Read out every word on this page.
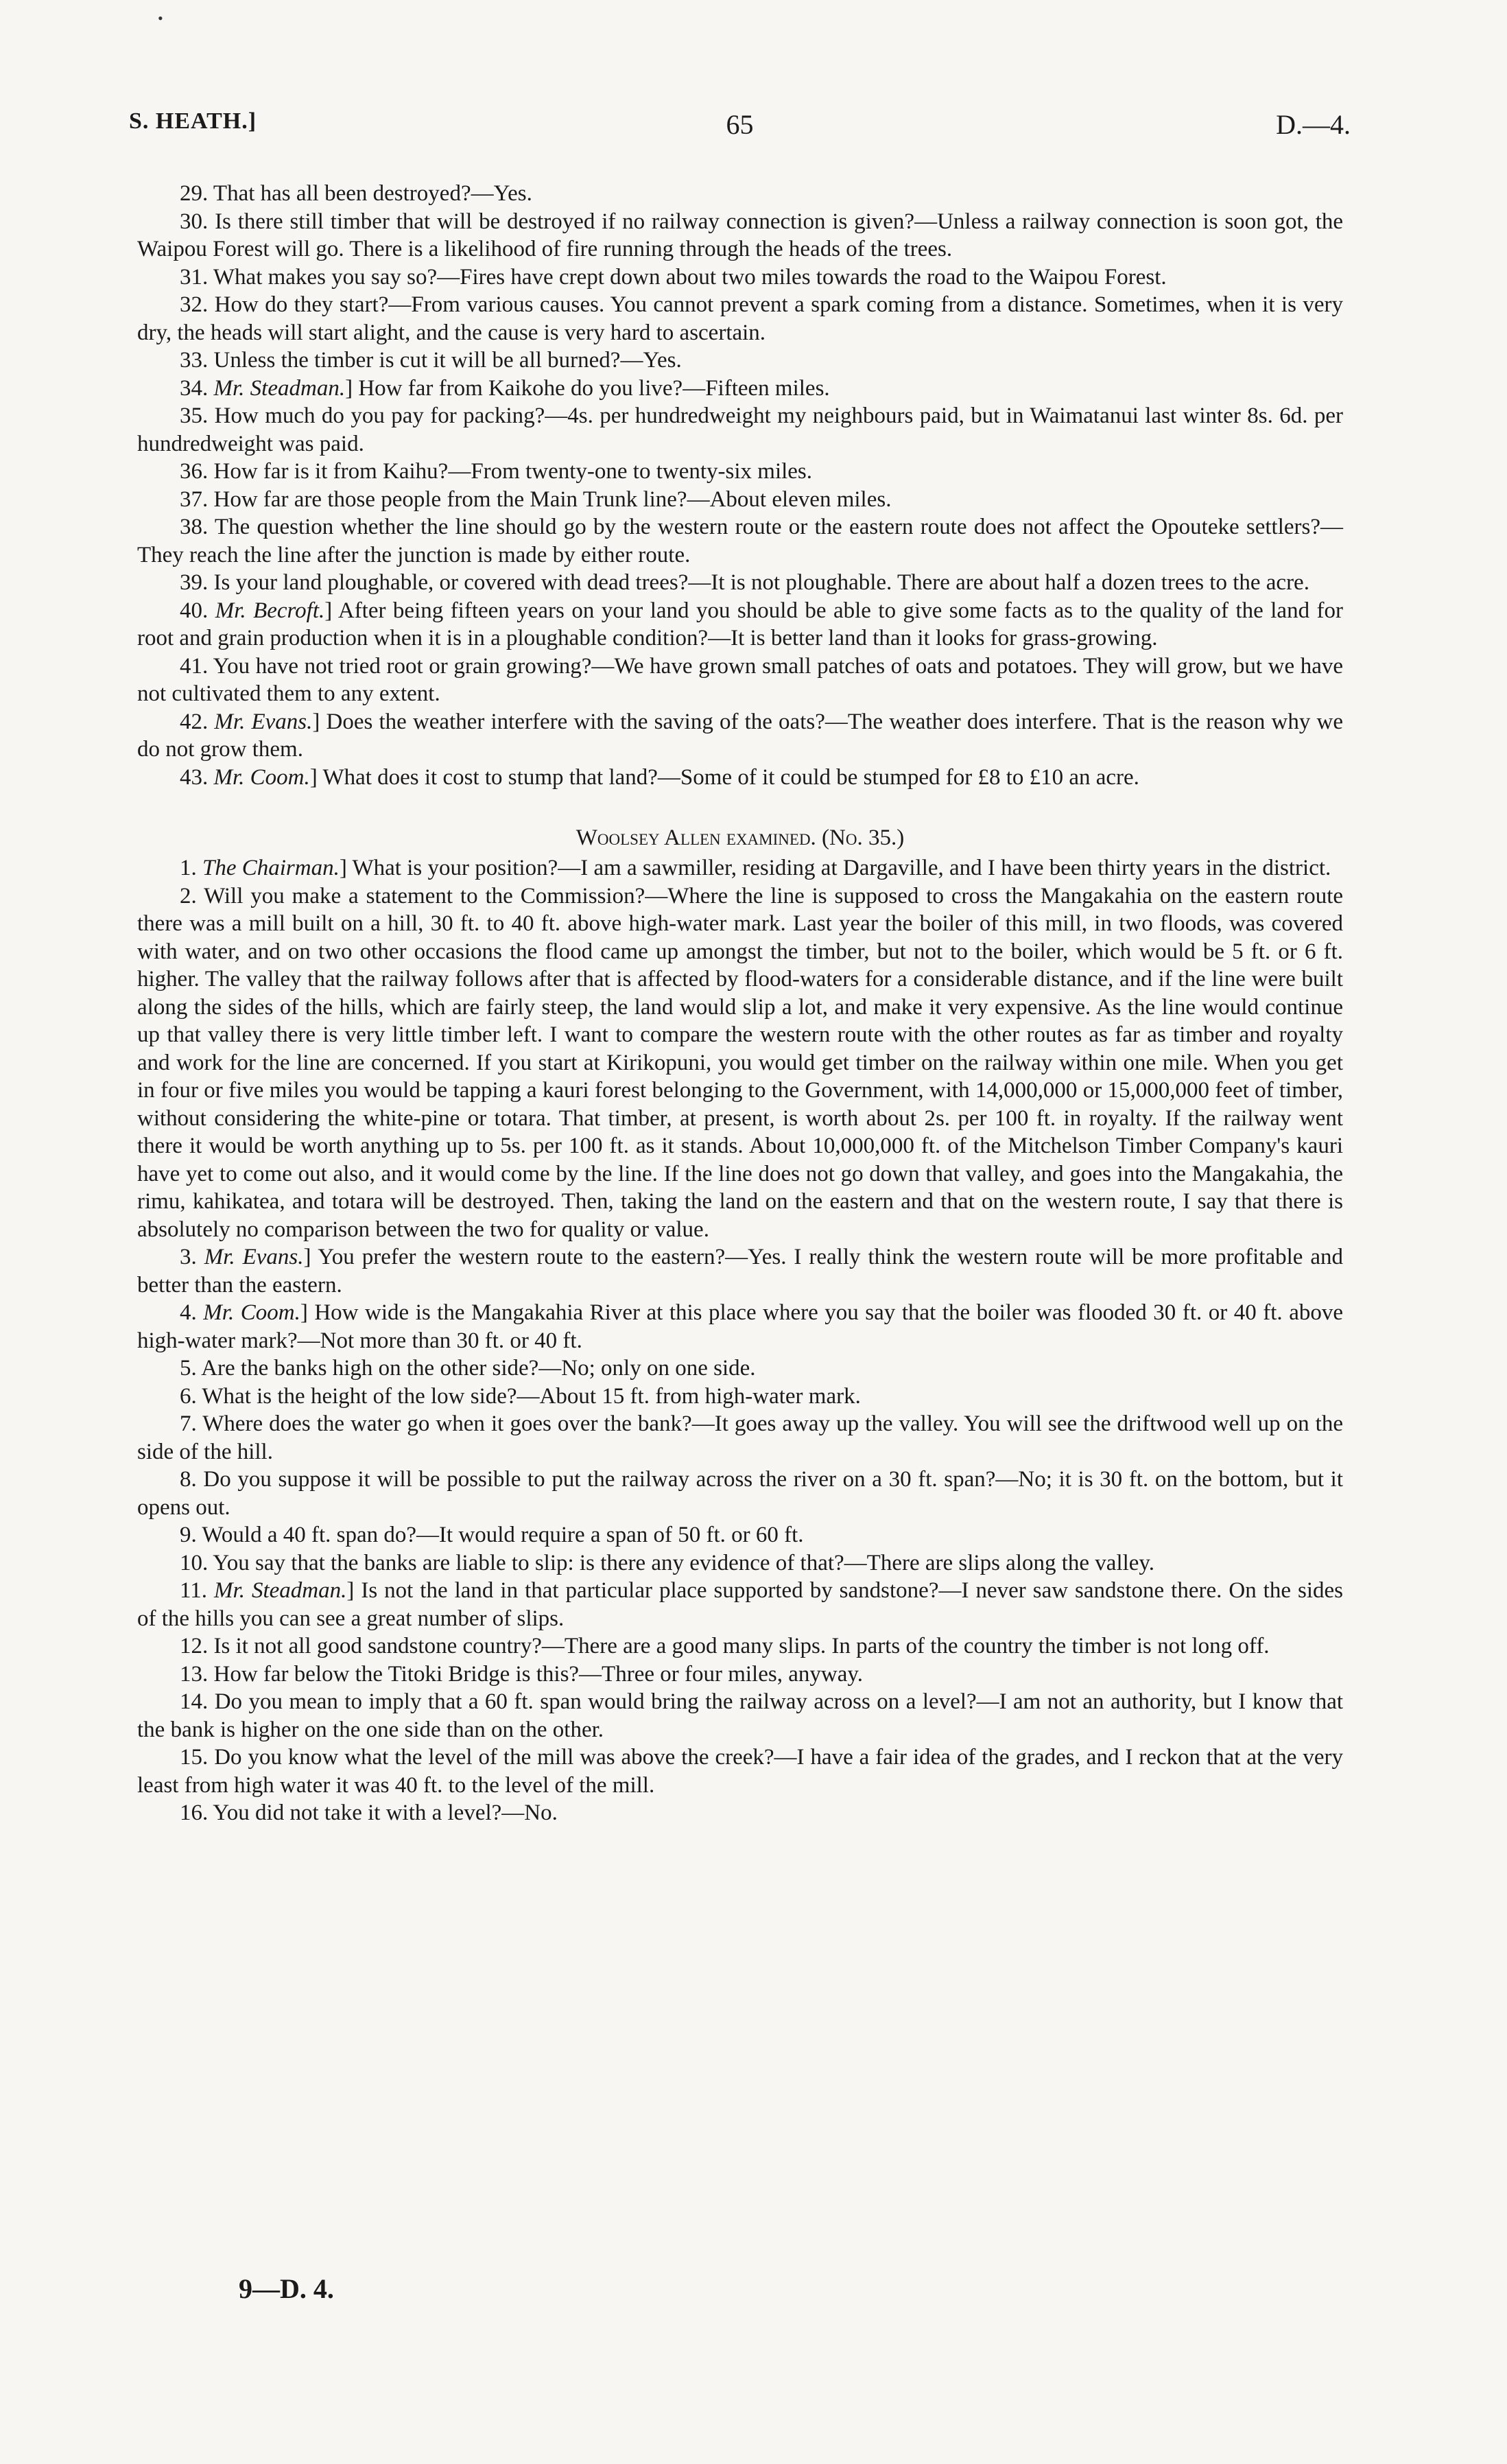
•
S. HEATH.]	65	D.—4.

29. That has all been destroyed?—Yes.

30. Is there still timber that will be destroyed if no railway connection is given?—Unless a railway connection is soon got, the Waipou Forest will go. There is a likelihood of fire running through the heads of the trees.

31. What makes you say so?—Fires have crept down about two miles towards the road to the Waipou Forest.

32. How do they start?—From various causes. You cannot prevent a spark coming from a distance. Sometimes, when it is very dry, the heads will start alight, and the cause is very hard to ascertain.

33. Unless the timber is cut it will be all burned?—Yes.

34. Mr. Steadman.] How far from Kaikohe do you live?—Fifteen miles.

35. How much do you pay for packing?—4s. per hundredweight my neighbours paid, but in Waimatanui last winter 8s. 6d. per hundredweight was paid.

36. How far is it from Kaihu?—From twenty-one to twenty-six miles.

37. How far are those people from the Main Trunk line?—About eleven miles.

38. The question whether the line should go by the western route or the eastern route does not affect the Opouteke settlers?—They reach the line after the junction is made by either route.

39. Is your land ploughable, or covered with dead trees?—It is not ploughable. There are about half a dozen trees to the acre.

40. Mr. Becroft.] After being fifteen years on your land you should be able to give some facts as to the quality of the land for root and grain production when it is in a ploughable condition?—It is better land than it looks for grass-growing.

41. You have not tried root or grain growing?—We have grown small patches of oats and potatoes. They will grow, but we have not cultivated them to any extent.

42. Mr. Evans.] Does the weather interfere with the saving of the oats?—The weather does interfere. That is the reason why we do not grow them.

43. Mr. Coom.] What does it cost to stump that land?—Some of it could be stumped for £8 to £10 an acre.

Woolsey Allen examined. (No. 35.)

1. The Chairman.] What is your position?—I am a sawmiller, residing at Dargaville, and I have been thirty years in the district.

2. Will you make a statement to the Commission?—Where the line is supposed to cross the Mangakahia on the eastern route there was a mill built on a hill, 30 ft. to 40 ft. above high-water mark. Last year the boiler of this mill, in two floods, was covered with water, and on two other occasions the flood came up amongst the timber, but not to the boiler, which would be 5 ft. or 6 ft. higher. The valley that the railway follows after that is affected by flood-waters for a considerable distance, and if the line were built along the sides of the hills, which are fairly steep, the land would slip a lot, and make it very expensive. As the line would continue up that valley there is very little timber left. I want to compare the western route with the other routes as far as timber and royalty and work for the line are concerned. If you start at Kirikopuni, you would get timber on the railway within one mile. When you get in four or five miles you would be tapping a kauri forest belonging to the Government, with 14,000,000 or 15,000,000 feet of timber, without considering the white-pine or totara. That timber, at present, is worth about 2s. per 100 ft. in royalty. If the railway went there it would be worth anything up to 5s. per 100 ft. as it stands. About 10,000,000 ft. of the Mitchelson Timber Company's kauri have yet to come out also, and it would come by the line. If the line does not go down that valley, and goes into the Mangakahia, the rimu, kahikatea, and totara will be destroyed. Then, taking the land on the eastern and that on the western route, I say that there is absolutely no comparison between the two for quality or value.

3. Mr. Evans.] You prefer the western route to the eastern?—Yes. I really think the western route will be more profitable and better than the eastern.

4. Mr. Coom.] How wide is the Mangakahia River at this place where you say that the boiler was flooded 30 ft. or 40 ft. above high-water mark?—Not more than 30 ft. or 40 ft.

5. Are the banks high on the other side?—No; only on one side.

6. What is the height of the low side?—About 15 ft. from high-water mark.

7. Where does the water go when it goes over the bank?—It goes away up the valley. You will see the driftwood well up on the side of the hill.

8. Do you suppose it will be possible to put the railway across the river on a 30 ft. span?—No; it is 30 ft. on the bottom, but it opens out.

9. Would a 40 ft. span do?—It would require a span of 50 ft. or 60 ft.

10. You say that the banks are liable to slip: is there any evidence of that?—There are slips along the valley.

11. Mr. Steadman.] Is not the land in that particular place supported by sandstone?—I never saw sandstone there. On the sides of the hills you can see a great number of slips.

12. Is it not all good sandstone country?—There are a good many slips. In parts of the country the timber is not long off.

13. How far below the Titoki Bridge is this?—Three or four miles, anyway.

14. Do you mean to imply that a 60 ft. span would bring the railway across on a level?—I am not an authority, but I know that the bank is higher on the one side than on the other.

15. Do you know what the level of the mill was above the creek?—I have a fair idea of the grades, and I reckon that at the very least from high water it was 40 ft. to the level of the mill.

16. You did not take it with a level?—No.

9—D. 4.
